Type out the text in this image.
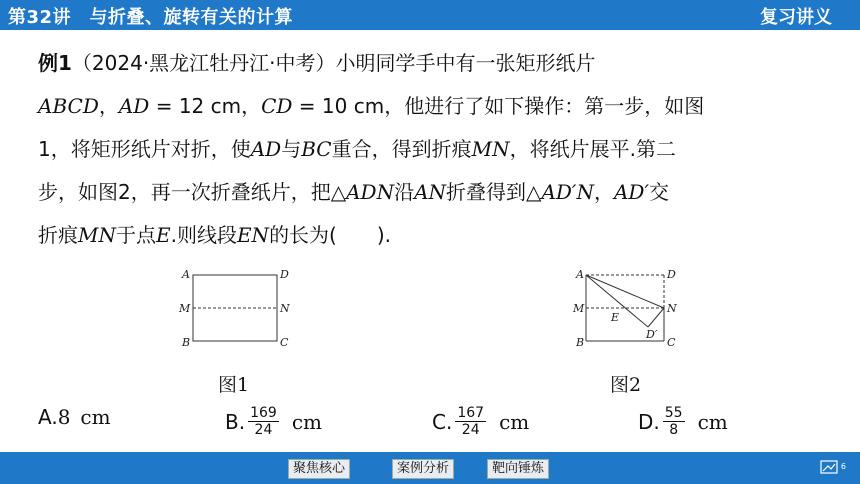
第32讲　与折叠、旋转有关的计算	复习讲义
例1（2024·黑龙江牡丹江·中考）小明同学手中有一张矩形纸片
ABCD，AD = 12 cm，CD = 10 cm，他进行了如下操作：第一步，如图
1，将矩形纸片对折，使AD与BC重合，得到折痕MN，将纸片展平.第二
步，如图2，再一次折叠纸片，把△ADN沿AN折叠得到△AD′N，AD′交
折痕MN于点E.则线段EN的长为(　　).
A	D
M	N
B	C
图1
A	D
M	N
B	C
E
D′
图2
A. 8 cm	B. $\frac{169}{24}$ cm	C. $\frac{167}{24}$ cm	D. $\frac{55}{8}$ cm
聚焦核心	案例分析	靶向锤炼	6
